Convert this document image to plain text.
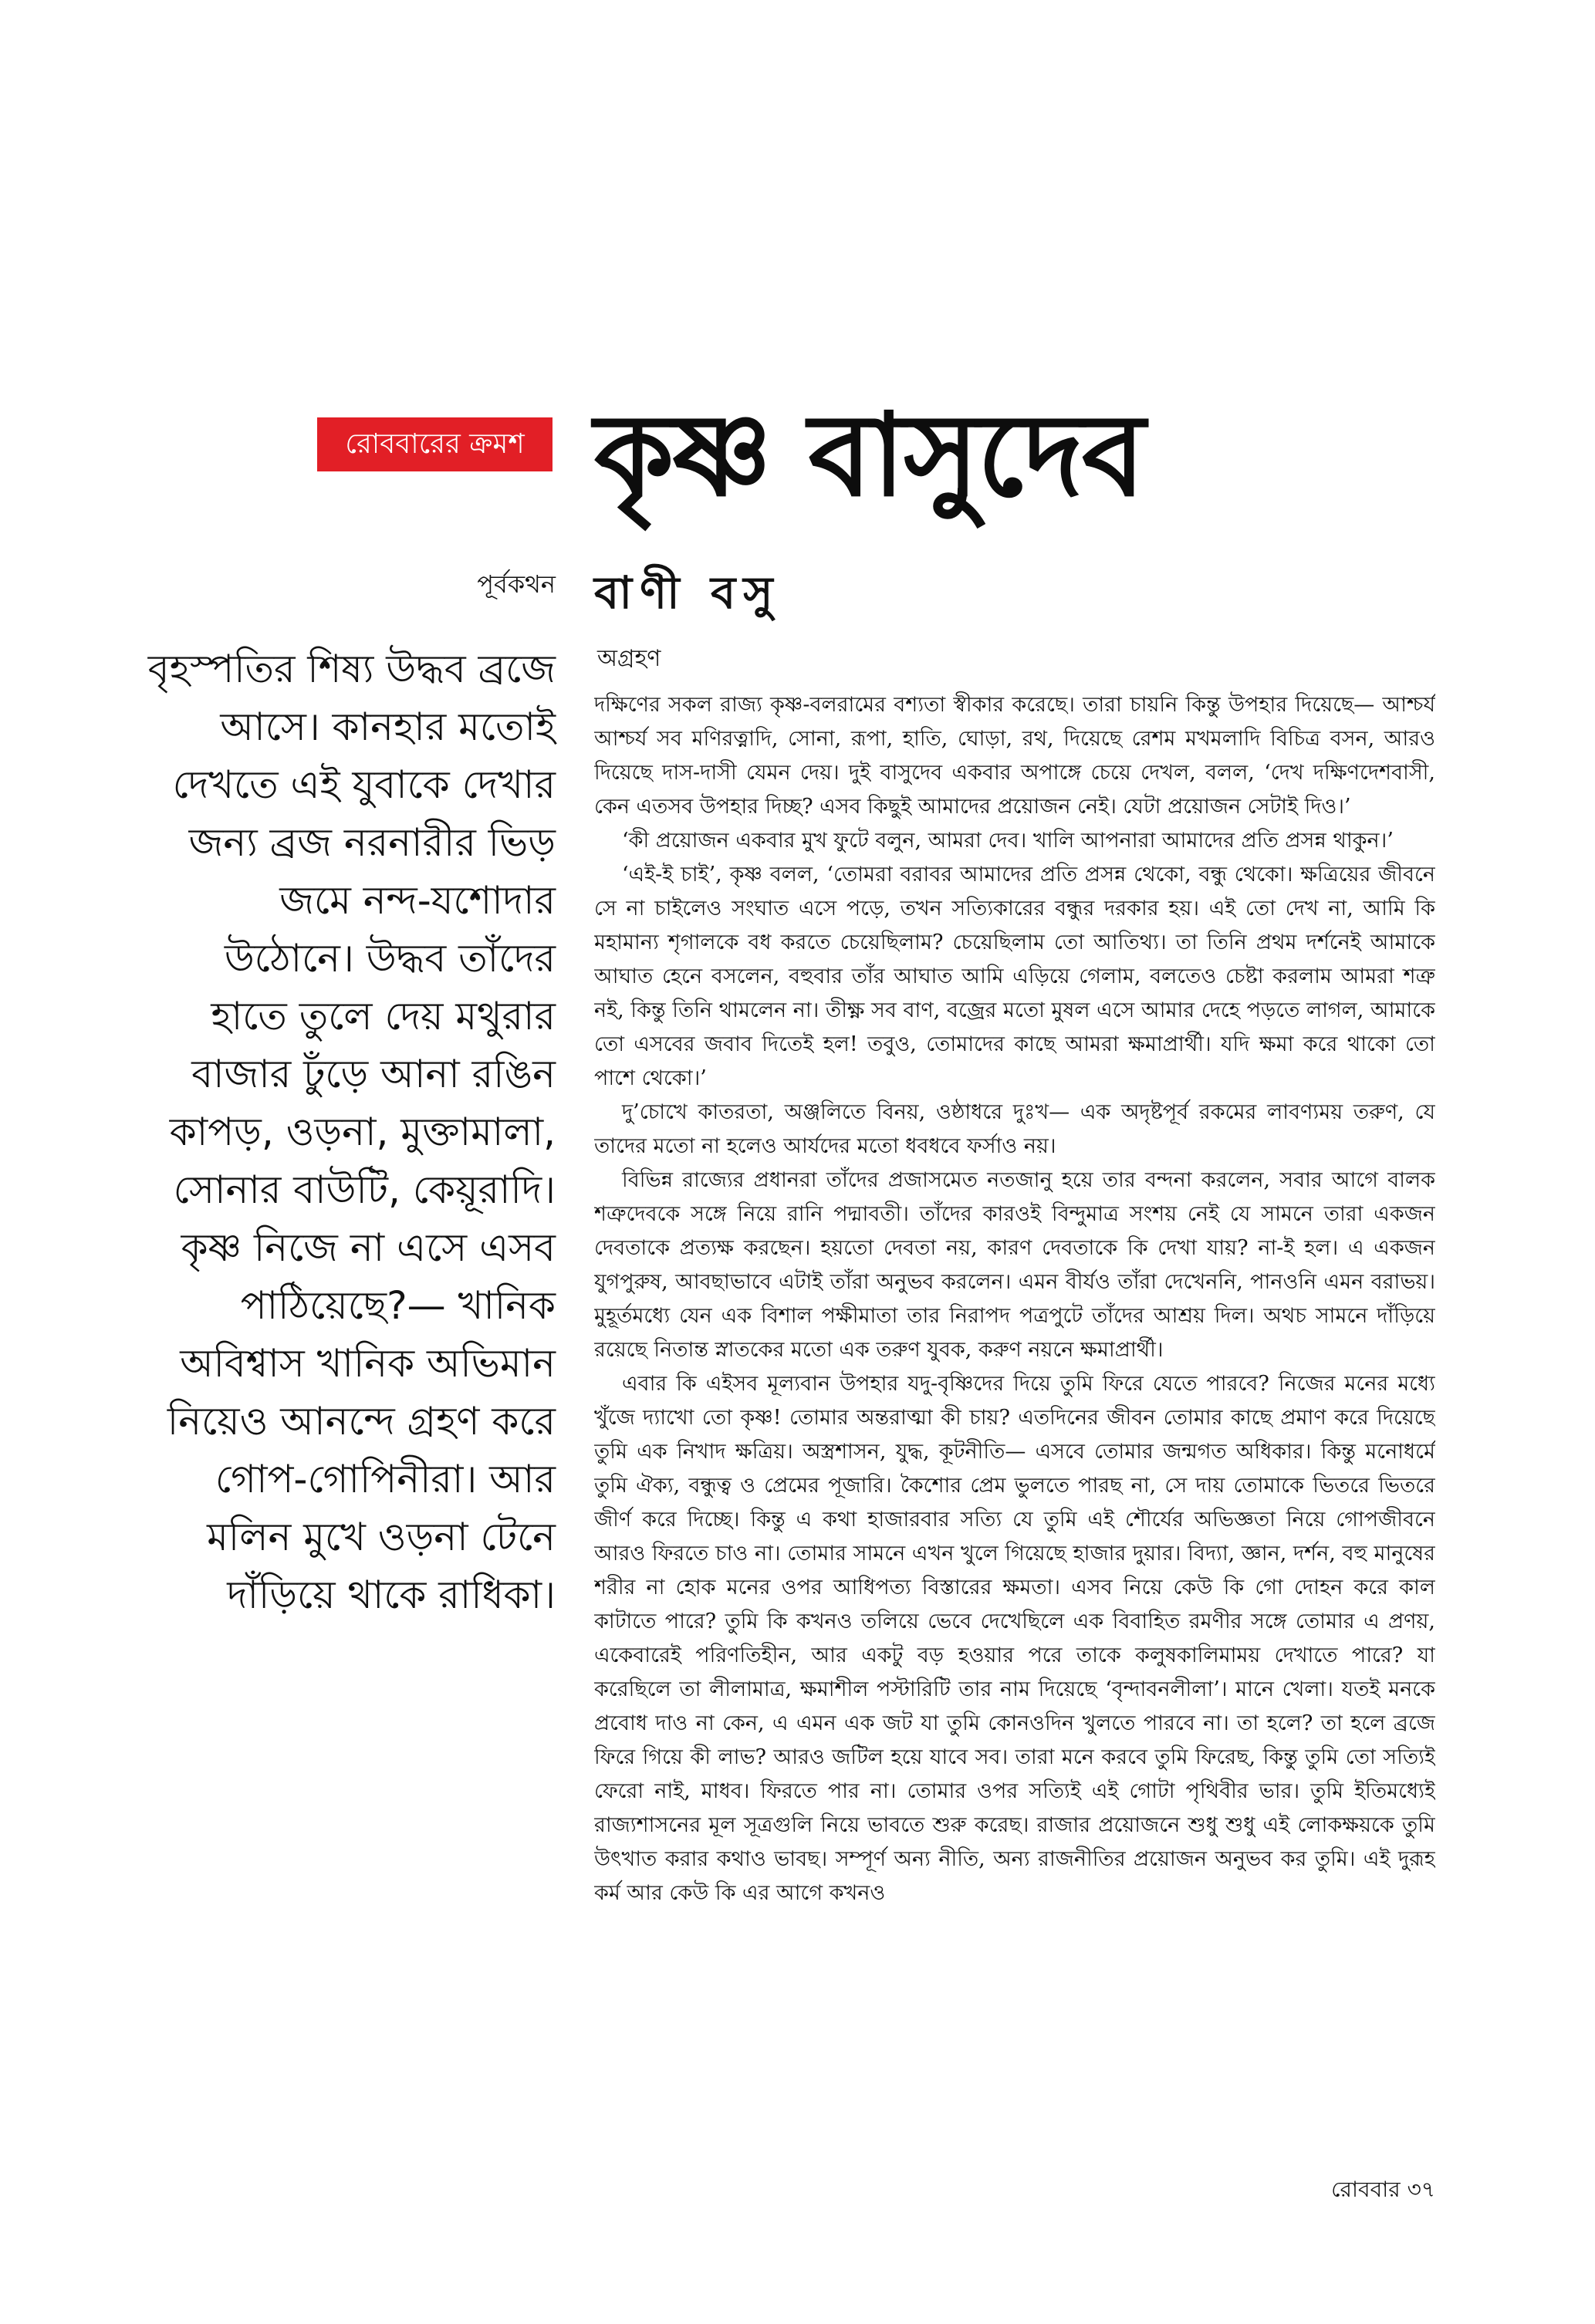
রোববারের ক্রমশ কৃষ্ণ বাসুদেব
পূর্বকথন বাণী বসু
বৃহস্পতির শিষ্য উদ্ধব ব্রজে আসে। কানহার মতোই দেখতে এই যুবাকে দেখার জন্য ব্রজ নরনারীর ভিড় জমে নন্দ-যশোদার উঠোনে। উদ্ধব তাঁদের হাতে তুলে দেয় মথুরার বাজার ঢুঁড়ে আনা রঙিন কাপড়, ওড়না, মুক্তামালা, সোনার বাউটি, কেয়ূরাদি। কৃষ্ণ নিজে না এসে এসব পাঠিয়েছে?— খানিক অবিশ্বাস খানিক অভিমান নিয়েও আনন্দে গ্রহণ করে গোপ-গোপিনীরা। আর মলিন মুখে ওড়না টেনে দাঁড়িয়ে থাকে রাধিকা।
অগ্রহণ

দক্ষিণের সকল রাজ্য কৃষ্ণ-বলরামের বশ্যতা স্বীকার করেছে। তারা চায়নি কিন্তু উপহার দিয়েছে— আশ্চর্য আশ্চর্য সব মণিরত্নাদি, সোনা, রূপা, হাতি, ঘোড়া, রথ, দিয়েছে রেশম মখমলাদি বিচিত্র বসন, আরও দিয়েছে দাস-দাসী যেমন দেয়। দুই বাসুদেব একবার অপাঙ্গে চেয়ে দেখল, বলল, ‘দেখ দক্ষিণদেশবাসী, কেন এতসব উপহার দিচ্ছ? এসব কিছুই আমাদের প্রয়োজন নেই। যেটা প্রয়োজন সেটাই দিও।’

‘কী প্রয়োজন একবার মুখ ফুটে বলুন, আমরা দেব। খালি আপনারা আমাদের প্রতি প্রসন্ন থাকুন।’

‘এই-ই চাই’, কৃষ্ণ বলল, ‘তোমরা বরাবর আমাদের প্রতি প্রসন্ন থেকো, বন্ধু থেকো। ক্ষত্রিয়ের জীবনে সে না চাইলেও সংঘাত এসে পড়ে, তখন সত্যিকারের বন্ধুর দরকার হয়। এই তো দেখ না, আমি কি মহামান্য শৃগালকে বধ করতে চেয়েছিলাম? চেয়েছিলাম তো আতিথ্য। তা তিনি প্রথম দর্শনেই আমাকে আঘাত হেনে বসলেন, বহুবার তাঁর আঘাত আমি এড়িয়ে গেলাম, বলতেও চেষ্টা করলাম আমরা শত্রু নই, কিন্তু তিনি থামলেন না। তীক্ষ্ণ সব বাণ, বজ্রের মতো মুষল এসে আমার দেহে পড়তে লাগল, আমাকে তো এসবের জবাব দিতেই হল! তবুও, তোমাদের কাছে আমরা ক্ষমাপ্রার্থী। যদি ক্ষমা করে থাকো তো পাশে থেকো।’

দু’চোখে কাতরতা, অঞ্জলিতে বিনয়, ওষ্ঠাধরে দুঃখ— এক অদৃষ্টপূর্ব রকমের লাবণ্যময় তরুণ, যে তাদের মতো না হলেও আর্যদের মতো ধবধবে ফর্সাও নয়।

বিভিন্ন রাজ্যের প্রধানরা তাঁদের প্রজাসমেত নতজানু হয়ে তার বন্দনা করলেন, সবার আগে বালক শত্রুদেবকে সঙ্গে নিয়ে রানি পদ্মাবতী। তাঁদের কারওই বিন্দুমাত্র সংশয় নেই যে সামনে তারা একজন দেবতাকে প্রত্যক্ষ করছেন। হয়তো দেবতা নয়, কারণ দেবতাকে কি দেখা যায়? না-ই হল। এ একজন যুগপুরুষ, আবছাভাবে এটাই তাঁরা অনুভব করলেন। এমন বীর্যও তাঁরা দেখেননি, পানওনি এমন বরাভয়। মুহূর্তমধ্যে যেন এক বিশাল পক্ষীমাতা তার নিরাপদ পত্রপুটে তাঁদের আশ্রয় দিল। অথচ সামনে দাঁড়িয়ে রয়েছে নিতান্ত স্নাতকের মতো এক তরুণ যুবক, করুণ নয়নে ক্ষমাপ্রার্থী।

এবার কি এইসব মূল্যবান উপহার যদু-বৃষ্ণিদের দিয়ে তুমি ফিরে যেতে পারবে? নিজের মনের মধ্যে খুঁজে দ্যাখো তো কৃষ্ণ! তোমার অন্তরাত্মা কী চায়? এতদিনের জীবন তোমার কাছে প্রমাণ করে দিয়েছে তুমি এক নিখাদ ক্ষত্রিয়। অস্ত্রশাসন, যুদ্ধ, কূটনীতি— এসবে তোমার জন্মগত অধিকার। কিন্তু মনোধর্মে তুমি ঐক্য, বন্ধুত্ব ও প্রেমের পূজারি। কৈশোর প্রেম ভুলতে পারছ না, সে দায় তোমাকে ভিতরে ভিতরে জীর্ণ করে দিচ্ছে। কিন্তু এ কথা হাজারবার সত্যি যে তুমি এই শৌর্যের অভিজ্ঞতা নিয়ে গোপজীবনে আরও ফিরতে চাও না। তোমার সামনে এখন খুলে গিয়েছে হাজার দুয়ার। বিদ্যা, জ্ঞান, দর্শন, বহু মানুষের শরীর না হোক মনের ওপর আধিপত্য বিস্তারের ক্ষমতা। এসব নিয়ে কেউ কি গো দোহন করে কাল কাটাতে পারে? তুমি কি কখনও তলিয়ে ভেবে দেখেছিলে এক বিবাহিত রমণীর সঙ্গে তোমার এ প্রণয়, একেবারেই পরিণতিহীন, আর একটু বড় হওয়ার পরে তাকে কলুষকালিমাময় দেখাতে পারে? যা করেছিলে তা লীলামাত্র, ক্ষমাশীল পস্টারিটি তার নাম দিয়েছে ‘বৃন্দাবনলীলা’। মানে খেলা। যতই মনকে প্রবোধ দাও না কেন, এ এমন এক জট যা তুমি কোনওদিন খুলতে পারবে না। তা হলে? তা হলে ব্রজে ফিরে গিয়ে কী লাভ? আরও জটিল হয়ে যাবে সব। তারা মনে করবে তুমি ফিরেছ, কিন্তু তুমি তো সত্যিই ফেরো নাই, মাধব। ফিরতে পার না। তোমার ওপর সত্যিই এই গোটা পৃথিবীর ভার। তুমি ইতিমধ্যেই রাজ্যশাসনের মূল সূত্রগুলি নিয়ে ভাবতে শুরু করেছ। রাজার প্রয়োজনে শুধু শুধু এই লোকক্ষয়কে তুমি উৎখাত করার কথাও ভাবছ। সম্পূর্ণ অন্য নীতি, অন্য রাজনীতির প্রয়োজন অনুভব কর তুমি। এই দুরূহ কর্ম আর কেউ কি এর আগে কখনও

রোববার ৩৭
